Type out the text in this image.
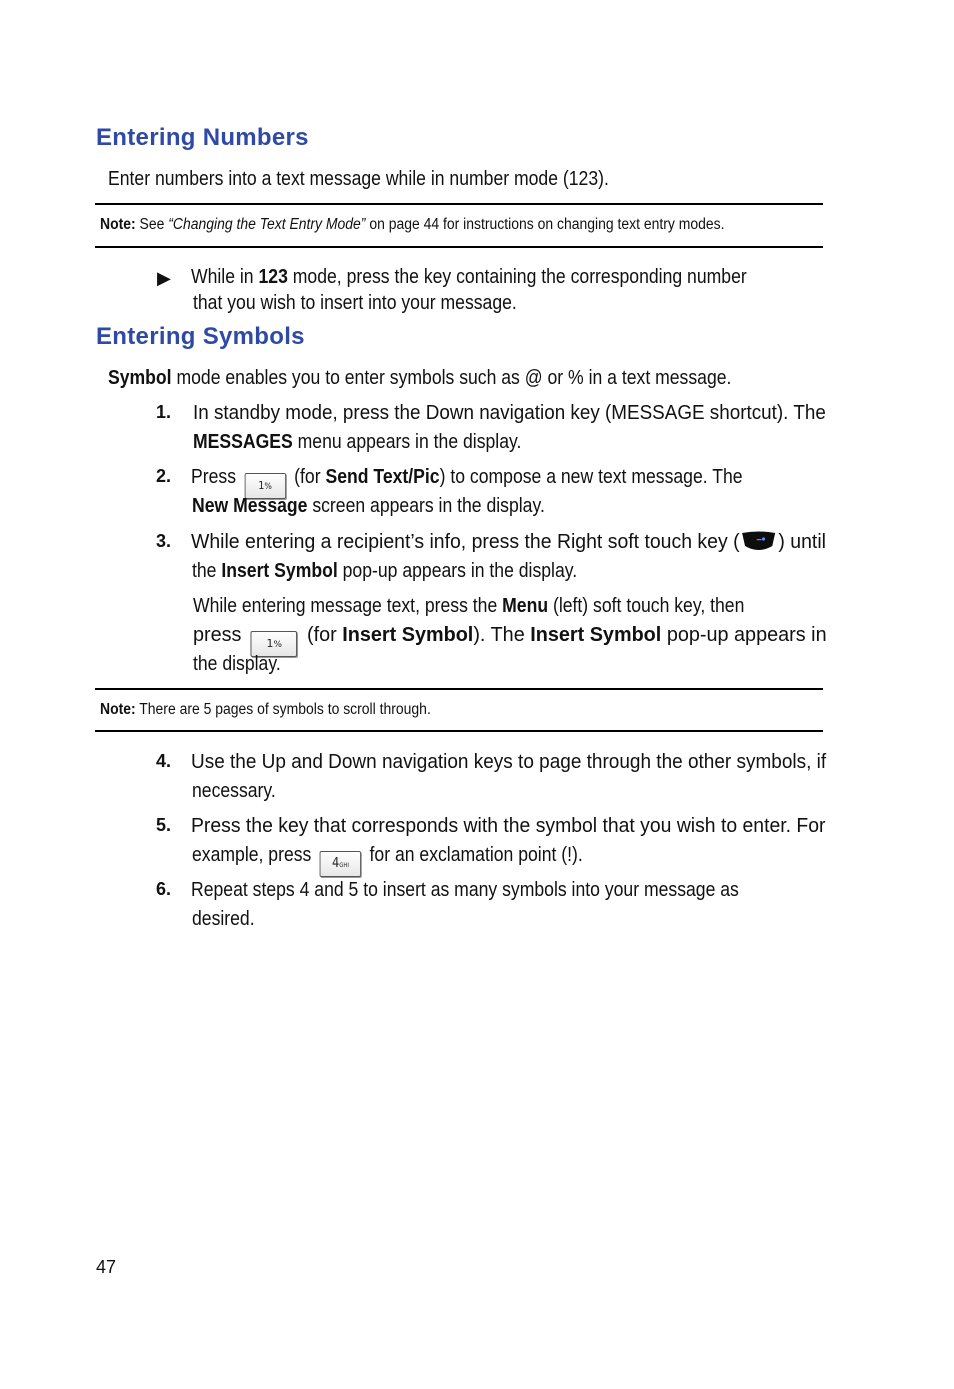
Entering Numbers
Enter numbers into a text message while in number mode (123).
Note: See “Changing the Text Entry Mode” on page 44 for instructions on changing text entry modes.
▶ While in 123 mode, press the key containing the corresponding number
that you wish to insert into your message.
Entering Symbols
Symbol mode enables you to enter symbols such as @ or % in a text message.
1. In standby mode, press the Down navigation key (MESSAGE shortcut). The
MESSAGES menu appears in the display.
2. Press 1% (for Send Text/Pic) to compose a new text message. The
New Message screen appears in the display.
3. While entering a recipient’s info, press the Right soft touch key ( ) until
the Insert Symbol pop-up appears in the display.
While entering message text, press the Menu (left) soft touch key, then
press 1% (for Insert Symbol). The Insert Symbol pop-up appears in
the display.
Note: There are 5 pages of symbols to scroll through.
4. Use the Up and Down navigation keys to page through the other symbols, if
necessary.
5. Press the key that corresponds with the symbol that you wish to enter. For
example, press 4GHI for an exclamation point (!).
6. Repeat steps 4 and 5 to insert as many symbols into your message as
desired.
47
